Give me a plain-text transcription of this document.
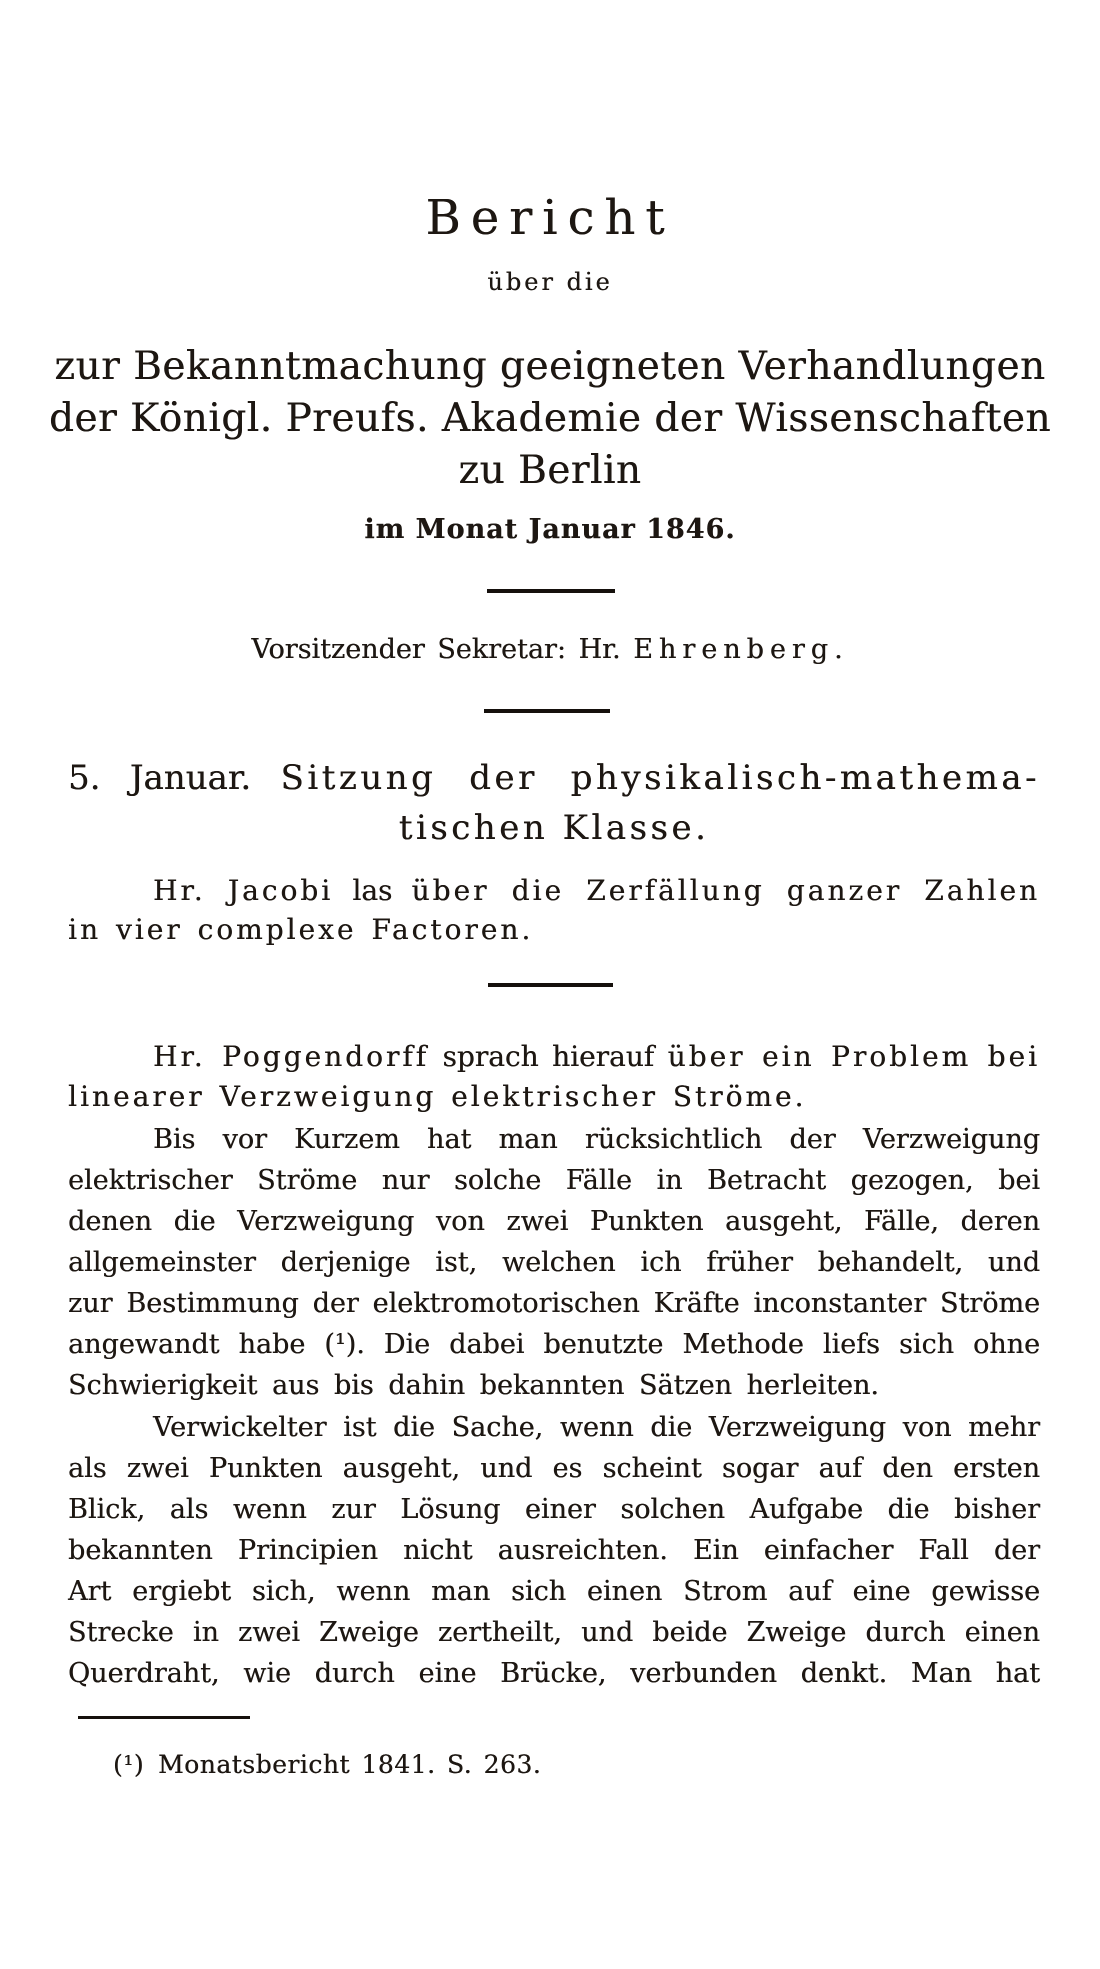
Bericht
über die
zur Bekanntmachung geeigneten Verhandlungen
der Königl. Preufs. Akademie der Wissenschaften
zu Berlin
im Monat Januar 1846.
Vorsitzender Sekretar: Hr. Ehrenberg.
5. Januar. Sitzung der physikalisch-mathema-
tischen Klasse.
Hr. Jacobi las über die Zerfällung ganzer Zahlen
in vier complexe Factoren.
Hr. Poggendorff sprach hierauf über ein Problem bei
linearer Verzweigung elektrischer Ströme.
Bis vor Kurzem hat man rücksichtlich der Verzweigung
elektrischer Ströme nur solche Fälle in Betracht gezogen, bei
denen die Verzweigung von zwei Punkten ausgeht, Fälle, deren
allgemeinster derjenige ist, welchen ich früher behandelt, und
zur Bestimmung der elektromotorischen Kräfte inconstanter Ströme
angewandt habe (¹). Die dabei benutzte Methode liefs sich ohne
Schwierigkeit aus bis dahin bekannten Sätzen herleiten.
Verwickelter ist die Sache, wenn die Verzweigung von mehr
als zwei Punkten ausgeht, und es scheint sogar auf den ersten
Blick, als wenn zur Lösung einer solchen Aufgabe die bisher
bekannten Principien nicht ausreichten. Ein einfacher Fall der
Art ergiebt sich, wenn man sich einen Strom auf eine gewisse
Strecke in zwei Zweige zertheilt, und beide Zweige durch einen
Querdraht, wie durch eine Brücke, verbunden denkt. Man hat
(¹) Monatsbericht 1841. S. 263.
